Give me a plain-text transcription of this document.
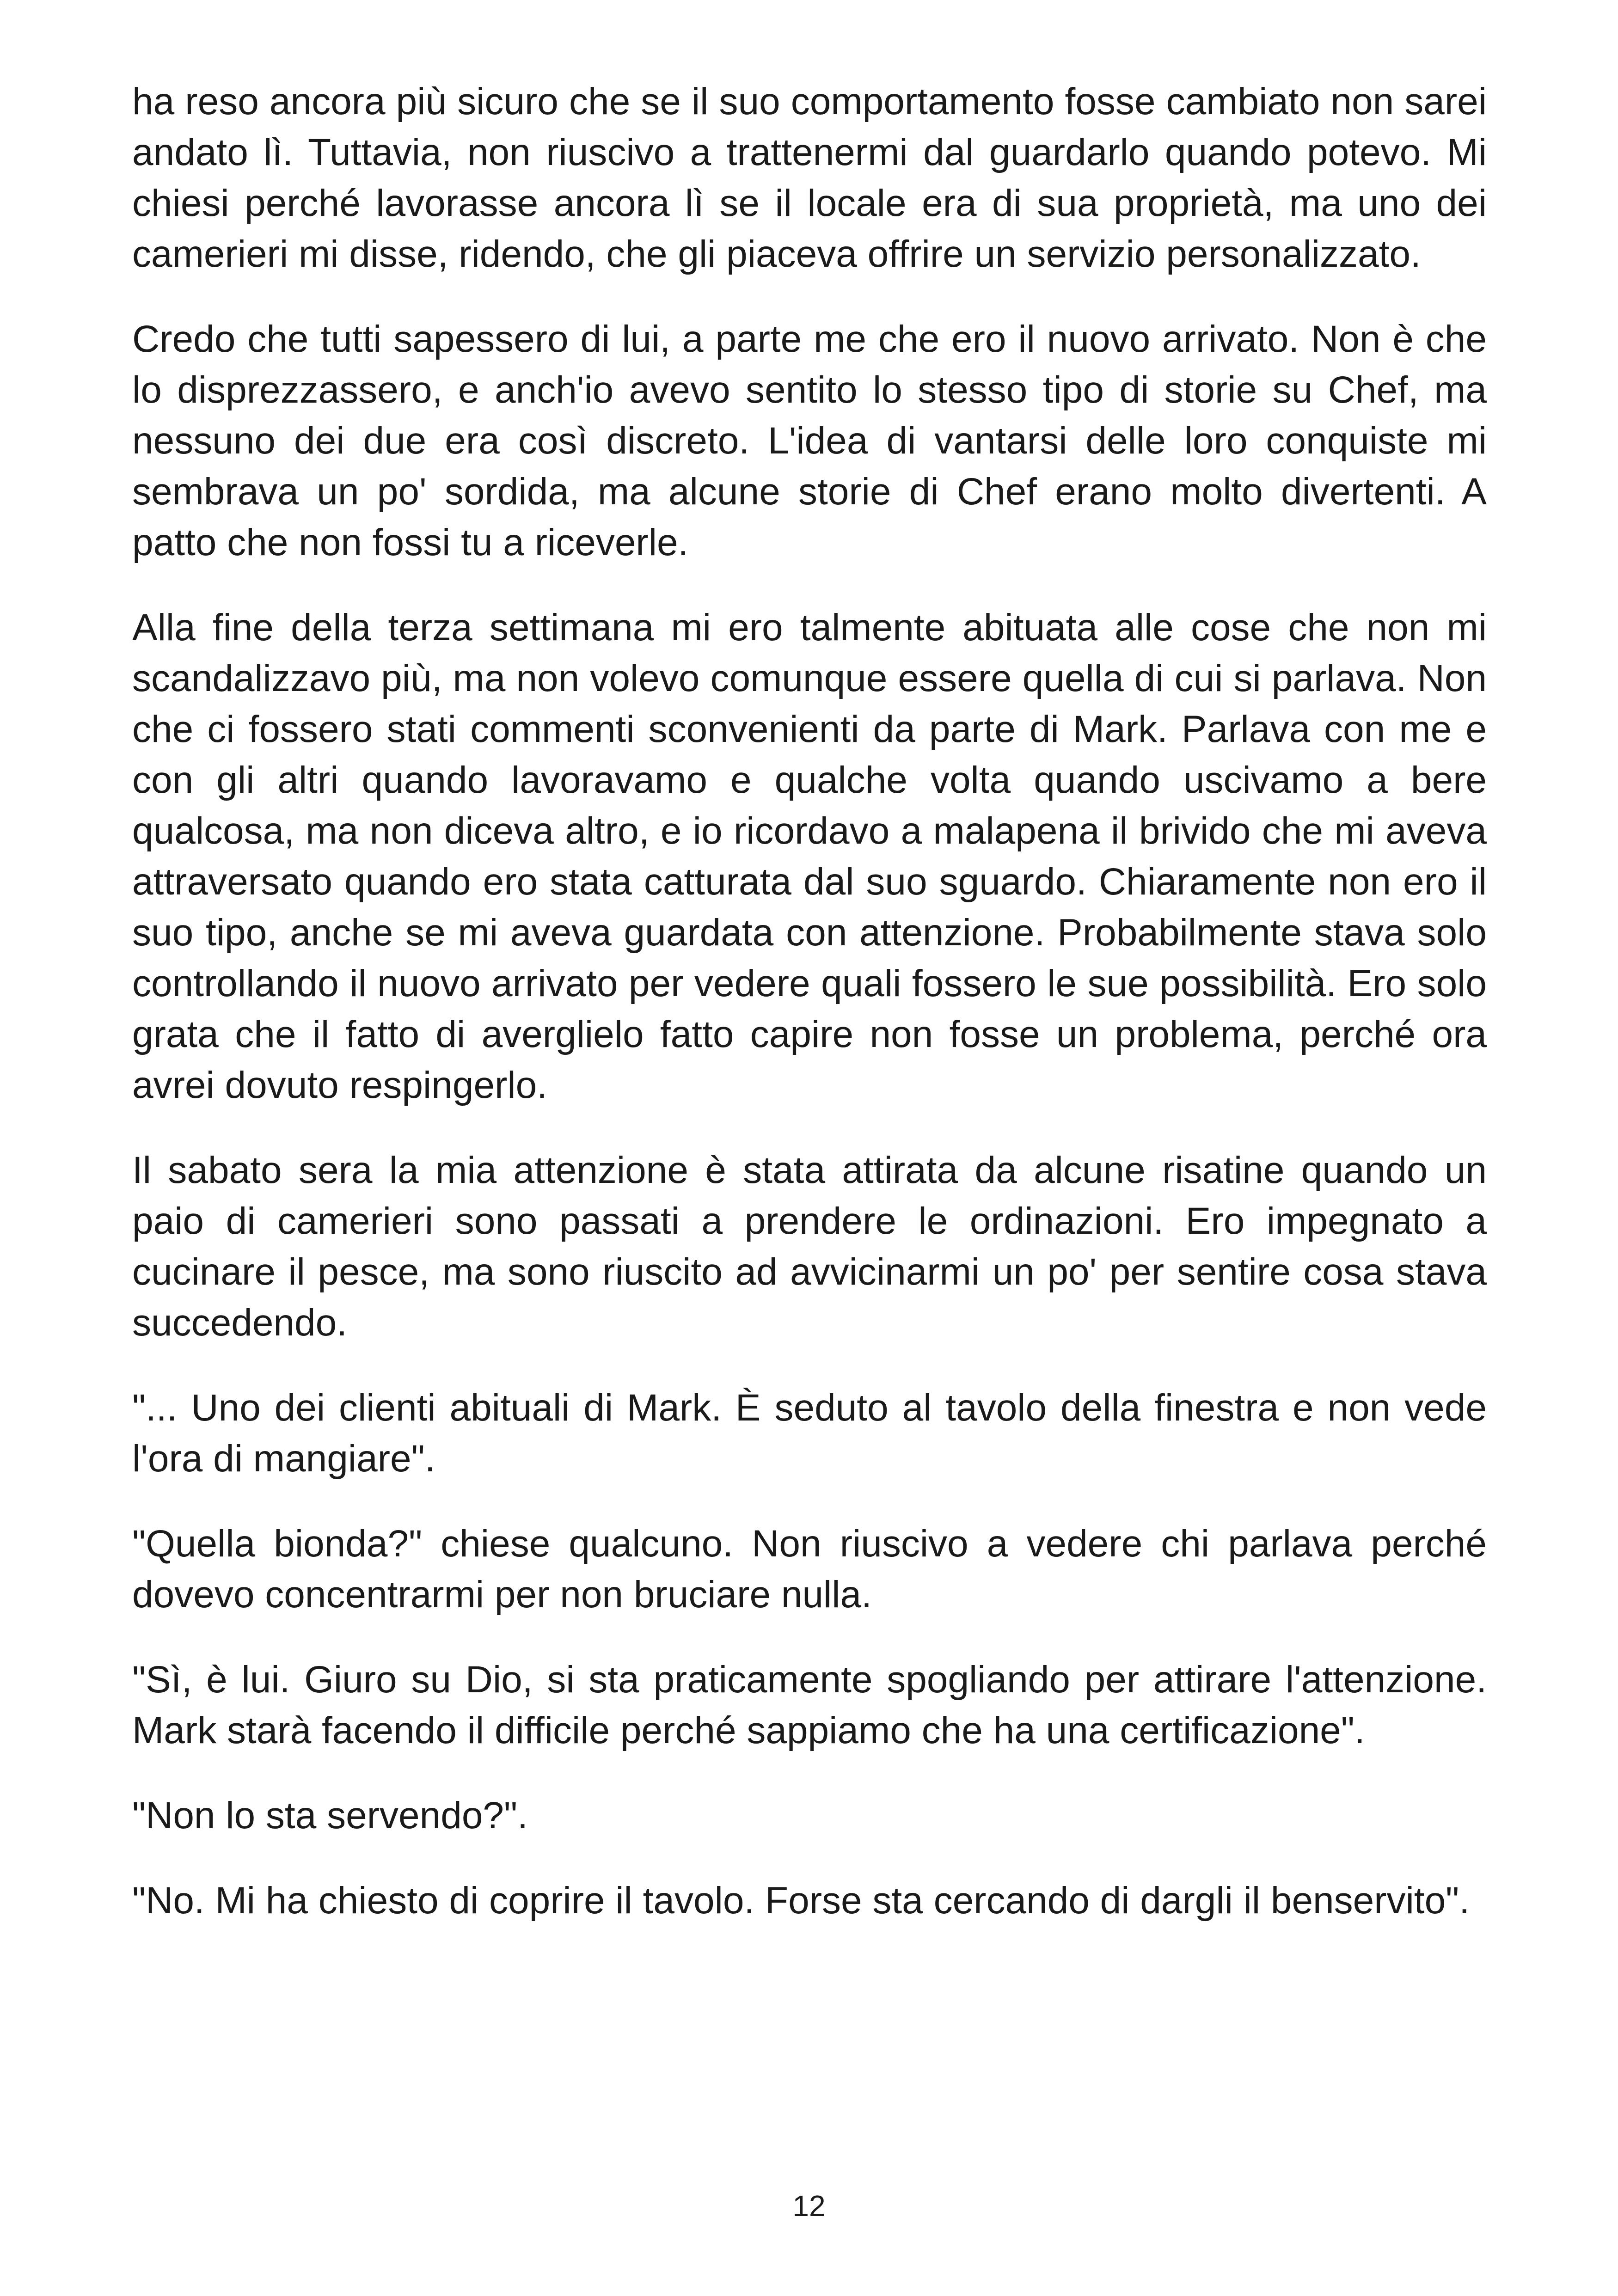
ha reso ancora più sicuro che se il suo comportamento fosse cambiato non sarei andato lì. Tuttavia, non riuscivo a trattenermi dal guardarlo quando potevo. Mi chiesi perché lavorasse ancora lì se il locale era di sua proprietà, ma uno dei camerieri mi disse, ridendo, che gli piaceva offrire un servizio personalizzato.

Credo che tutti sapessero di lui, a parte me che ero il nuovo arrivato. Non è che lo disprezzassero, e anch'io avevo sentito lo stesso tipo di storie su Chef, ma nessuno dei due era così discreto. L'idea di vantarsi delle loro conquiste mi sembrava un po' sordida, ma alcune storie di Chef erano molto divertenti. A patto che non fossi tu a riceverle.

Alla fine della terza settimana mi ero talmente abituata alle cose che non mi scandalizzavo più, ma non volevo comunque essere quella di cui si parlava. Non che ci fossero stati commenti sconvenienti da parte di Mark. Parlava con me e con gli altri quando lavoravamo e qualche volta quando uscivamo a bere qualcosa, ma non diceva altro, e io ricordavo a malapena il brivido che mi aveva attraversato quando ero stata catturata dal suo sguardo. Chiaramente non ero il suo tipo, anche se mi aveva guardata con attenzione. Probabilmente stava solo controllando il nuovo arrivato per vedere quali fossero le sue possibilità. Ero solo grata che il fatto di averglielo fatto capire non fosse un problema, perché ora avrei dovuto respingerlo.

Il sabato sera la mia attenzione è stata attirata da alcune risatine quando un paio di camerieri sono passati a prendere le ordinazioni. Ero impegnato a cucinare il pesce, ma sono riuscito ad avvicinarmi un po' per sentire cosa stava succedendo.

"... Uno dei clienti abituali di Mark. È seduto al tavolo della finestra e non vede l'ora di mangiare".

"Quella bionda?" chiese qualcuno. Non riuscivo a vedere chi parlava perché dovevo concentrarmi per non bruciare nulla.

"Sì, è lui. Giuro su Dio, si sta praticamente spogliando per attirare l'attenzione. Mark starà facendo il difficile perché sappiamo che ha una certificazione".

"Non lo sta servendo?".

"No. Mi ha chiesto di coprire il tavolo. Forse sta cercando di dargli il benservito".

12
